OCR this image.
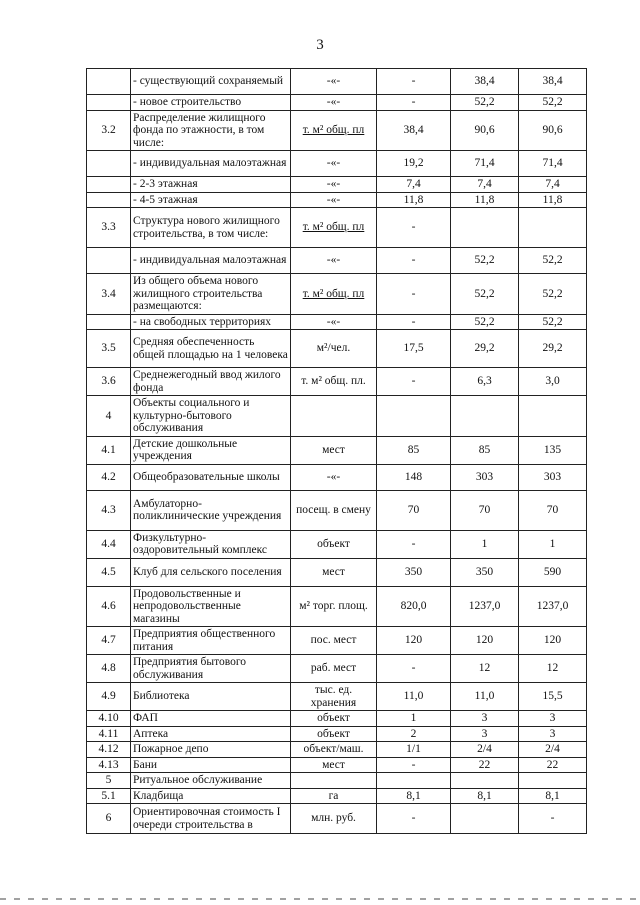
3
	- существующий сохраняемый	-«-	-	38,4	38,4
	- новое строительство	-«-	-	52,2	52,2
3.2	Распределение жилищного фонда по этажности, в том числе:	т. м² общ. пл	38,4	90,6	90,6
	- индивидуальная малоэтажная	-«-	19,2	71,4	71,4
	- 2-3 этажная	-«-	7,4	7,4	7,4
	- 4-5 этажная	-«-	11,8	11,8	11,8
3.3	Структура нового жилищного строительства, в том числе:	т. м² общ. пл	-		
	- индивидуальная малоэтажная	-«-	-	52,2	52,2
3.4	Из общего объема нового жилищного строительства размещаются:	т. м² общ. пл	-	52,2	52,2
	- на свободных территориях	-«-	-	52,2	52,2
3.5	Средняя обеспеченность общей площадью на 1 человека	м²/чел.	17,5	29,2	29,2
3.6	Среднежегодный ввод жилого фонда	т. м² общ. пл.	-	6,3	3,0
4	Объекты социального и культурно-бытового обслуживания				
4.1	Детские дошкольные учреждения	мест	85	85	135
4.2	Общеобразовательные школы	-«-	148	303	303
4.3	Амбулаторно-поликлинические учреждения	посещ. в смену	70	70	70
4.4	Физкультурно-оздоровительный комплекс	объект	-	1	1
4.5	Клуб для сельского поселения	мест	350	350	590
4.6	Продовольственные и непродовольственные магазины	м² торг. площ.	820,0	1237,0	1237,0
4.7	Предприятия общественного питания	пос. мест	120	120	120
4.8	Предприятия бытового обслуживания	раб. мест	-	12	12
4.9	Библиотека	тыс. ед. хранения	11,0	11,0	15,5
4.10	ФАП	объект	1	3	3
4.11	Аптека	объект	2	3	3
4.12	Пожарное депо	объект/маш.	1/1	2/4	2/4
4.13	Бани	мест	-	22	22
5	Ритуальное обслуживание				
5.1	Кладбища	га	8,1	8,1	8,1
6	Ориентировочная стоимость I очереди строительства в	млн. руб.	-		-
